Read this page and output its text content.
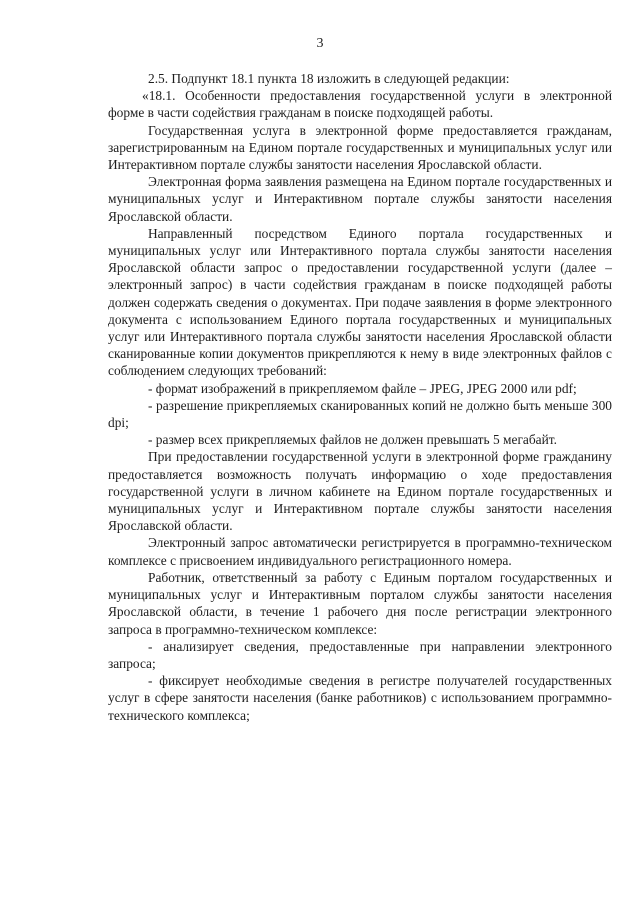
3

2.5. Подпункт 18.1 пункта 18 изложить в следующей редакции:

«18.1. Особенности предоставления государственной услуги в электронной форме в части содействия гражданам в поиске подходящей работы.

Государственная услуга в электронной форме предоставляется гражданам, зарегистрированным на Едином портале государственных и муниципальных услуг или Интерактивном портале службы занятости населения Ярославской области.

Электронная форма заявления размещена на Едином портале государственных и муниципальных услуг и Интерактивном портале службы занятости населения Ярославской области.

Направленный посредством Единого портала государственных и муниципальных услуг или Интерактивного портала службы занятости населения Ярославской области запрос о предоставлении государственной услуги (далее – электронный запрос) в части содействия гражданам в поиске подходящей работы должен содержать сведения о документах. При подаче заявления в форме электронного документа с использованием Единого портала государственных и муниципальных услуг или Интерактивного портала службы занятости населения Ярославской области сканированные копии документов прикрепляются к нему в виде электронных файлов с соблюдением следующих требований:

- формат изображений в прикрепляемом файле – JPEG, JPEG 2000 или pdf;

- разрешение прикрепляемых сканированных копий не должно быть меньше 300 dpi;

- размер всех прикрепляемых файлов не должен превышать 5 мегабайт.

При предоставлении государственной услуги в электронной форме гражданину предоставляется возможность получать информацию о ходе предоставления государственной услуги в личном кабинете на Едином портале государственных и муниципальных услуг и Интерактивном портале службы занятости населения Ярославской области.

Электронный запрос автоматически регистрируется в программно-техническом комплексе с присвоением индивидуального регистрационного номера.

Работник, ответственный за работу с Единым порталом государственных и муниципальных услуг и Интерактивным порталом службы занятости населения Ярославской области, в течение 1 рабочего дня после регистрации электронного запроса в программно-техническом комплексе:

- анализирует сведения, предоставленные при направлении электронного запроса;

- фиксирует необходимые сведения в регистре получателей государственных услуг в сфере занятости населения (банке работников) с использованием программно-технического комплекса;
